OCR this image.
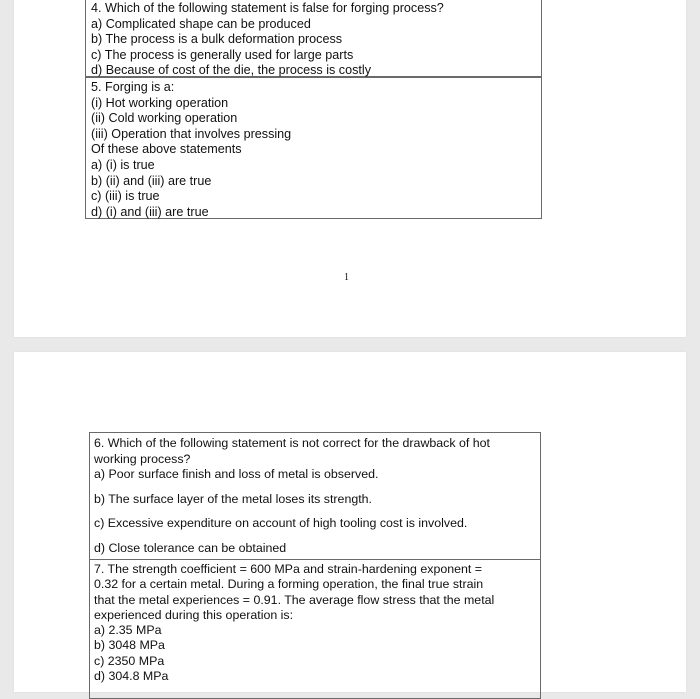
4. Which of the following statement is false for forging process?
a) Complicated shape can be produced
b) The process is a bulk deformation process
c) The process is generally used for large parts
d) Because of cost of the die, the process is costly
5. Forging is a:
(i) Hot working operation
(ii) Cold working operation
(iii) Operation that involves pressing
Of these above statements
a) (i) is true
b) (ii) and (iii) are true
c) (iii) is true
d) (i) and (iii) are true
1
6. Which of the following statement is not correct for the drawback of hot
working process?
a) Poor surface finish and loss of metal is observed.
b) The surface layer of the metal loses its strength.
c) Excessive expenditure on account of high tooling cost is involved.
d) Close tolerance can be obtained
7. The strength coefficient = 600 MPa and strain-hardening exponent =
0.32 for a certain metal. During a forming operation, the final true strain
that the metal experiences = 0.91. The average flow stress that the metal
experienced during this operation is:
a) 2.35 MPa
b) 3048 MPa
c) 2350 MPa
d) 304.8 MPa
